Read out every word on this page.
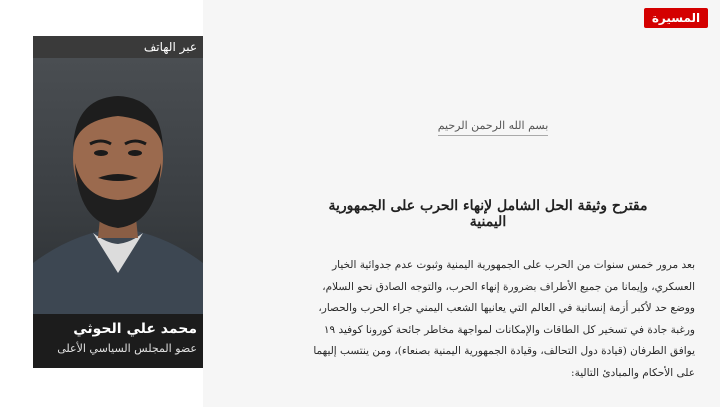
عبر الهاتف
محمد علي الحوثي
عضو المجلس السياسي الأعلى
المسيرة
بسم الله الرحمن الرحيم
مقترح وثيقة الحل الشامل لإنهاء الحرب على الجمهورية اليمنية

بعد مرور خمس سنوات من الحرب على الجمهورية اليمنية وثبوت عدم جدوائية الخيار

العسكري، وإيمانا من جميع الأطراف بضرورة إنهاء الحرب، والتوجه الصادق نحو السلام،

ووضع حد لأكبر أزمة إنسانية في العالم التي يعانيها الشعب اليمني جراء الحرب والحصار،

ورغبة جادة في تسخير كل الطاقات والإمكانات لمواجهة مخاطر جائحة كورونا كوفيد ١٩

يوافق الطرفان (قيادة دول التحالف، وقيادة الجمهورية اليمنية بصنعاء)، ومن ينتسب إليهما

على الأحكام والمبادئ التالية:
